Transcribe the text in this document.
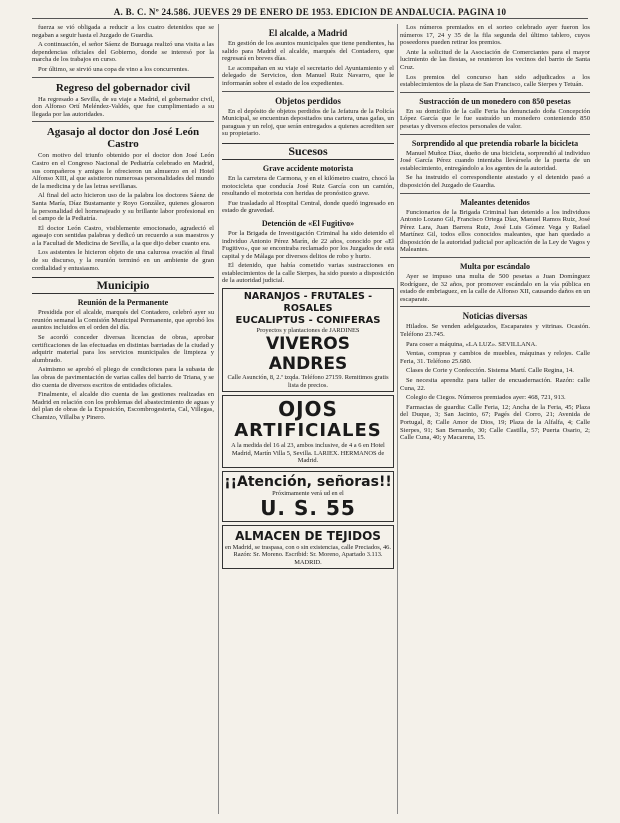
A. B. C. Nº 24.586. JUEVES 29 DE ENERO DE 1953. EDICION DE ANDALUCIA. PAGINA 10

fuerza se vió obligada a reducir a los cuatro detenidos que se negaban a seguir hasta el Juzgado de Guardia.

A continuación, el señor Sáenz de Buruaga realizó una visita a las dependencias oficiales del Gobierno, donde se interesó por la marcha de los trabajos en curso.

Por último, se sirvió una copa de vino a los concurrentes.

Regreso del gobernador civil

Ha regresado a Sevilla, de su viaje a Madrid, el gobernador civil, don Alfonso Ortí Meléndez-Valdés, que fue cumplimentado a su llegada por las autoridades.

Agasajo al doctor don José León Castro

Con motivo del triunfo obtenido por el doctor don José León Castro en el Congreso Nacional de Pediatría celebrado en Madrid, sus compañeros y amigos le ofrecieron un almuerzo en el Hotel Alfonso XIII, al que asistieron numerosas personalidades del mundo de la medicina y de las letras sevillanas.

Al final del acto hicieron uso de la palabra los doctores Sáenz de Santa María, Díaz Bustamante y Royo González, quienes glosaron la personalidad del homenajeado y su brillante labor profesional en el campo de la Pediatría.

El doctor León Castro, visiblemente emocionado, agradeció el agasajo con sentidas palabras y dedicó un recuerdo a sus maestros y a la Facultad de Medicina de Sevilla, a la que dijo deber cuanto era.

Los asistentes le hicieron objeto de una calurosa ovación al final de su discurso, y la reunión terminó en un ambiente de gran cordialidad y entusiasmo.

Municipio
Reunión de la Permanente

Presidida por el alcalde, marqués del Contadero, celebró ayer su reunión semanal la Comisión Municipal Permanente, que aprobó los asuntos incluidos en el orden del día.

Se acordó conceder diversas licencias de obras, aprobar certificaciones de las efectuadas en distintas barriadas de la ciudad y adquirir material para los servicios municipales de limpieza y alumbrado.

Asimismo se aprobó el pliego de condiciones para la subasta de las obras de pavimentación de varias calles del barrio de Triana, y se dio cuenta de diversos escritos de entidades oficiales.

Finalmente, el alcalde dio cuenta de las gestiones realizadas en Madrid en relación con los problemas del abastecimiento de aguas y del plan de obras de la Exposición, Escombrogesteria, Cal, Villegas, Chamizo, Villalba y Pinero.

El alcalde, a Madrid

En gestión de los asuntos municipales que tiene pendientes, ha salido para Madrid el alcalde, marqués del Contadero, que regresará en breves días.

Le acompañan en su viaje el secretario del Ayuntamiento y el delegado de Servicios, don Manuel Ruiz Navarro, que le informarán sobre el estado de los expedientes.

Objetos perdidos

En el depósito de objetos perdidos de la Jefatura de la Policía Municipal, se encuentran depositados una cartera, unas gafas, un paraguas y un reloj, que serán entregados a quienes acrediten ser su propietario.

Sucesos
Grave accidente motorista

En la carretera de Carmona, y en el kilómetro cuatro, chocó la motocicleta que conducía José Ruiz García con un camión, resultando el motorista con heridas de pronóstico grave.

Fue trasladado al Hospital Central, donde quedó ingresado en estado de gravedad.

Detención de «El Fugitivo»

Por la Brigada de Investigación Criminal ha sido detenido el individuo Antonio Pérez Marín, de 22 años, conocido por «El Fugitivo», que se encontraba reclamado por los Juzgados de esta capital y de Málaga por diversos delitos de robo y hurto.

El detenido, que había cometido varias sustracciones en establecimientos de la calle Sierpes, ha sido puesto a disposición de la autoridad judicial.

NARANJOS - FRUTALES - ROSALES
EUCALIPTUS - CONIFERAS
Proyectos y plantaciones de JARDINES
VIVEROS ANDRES
Calle Asunción, 8, 2.ª izqda. Teléfono 27159. Remitimos gratis lista de precios.
OJOS
ARTIFICIALES
A la medida del 16 al 23, ambos inclusive, de 4 a 6 en Hotel Madrid, Martín Villa 5, Sevilla. LARIEX. HERMANOS de Madrid.
¡¡Atención, señoras!!
Próximamente verá ud en el
U. S. 55
ALMACEN DE TEJIDOS
en Madrid, se traspasa, con o sin existencias, calle Preciados, 46. Razón: Sr. Moreno. Escribid: Sr. Moreno, Apartado 3.113. MADRID.

Los números premiados en el sorteo celebrado ayer fueron los números 17, 24 y 35 de la fila segunda del último tablero, cuyos poseedores pueden retirar los premios.

Ante la solicitud de la Asociación de Comerciantes para el mayor lucimiento de las fiestas, se reunieron los vecinos del barrio de Santa Cruz.

Los premios del concurso han sido adjudicados a los establecimientos de la plaza de San Francisco, calle Sierpes y Tetuán.

Sustracción de un monedero con 850 pesetas

En su domicilio de la calle Feria ha denunciado doña Concepción López García que le fue sustraído un monedero conteniendo 850 pesetas y diversos efectos personales de valor.

Sorprendido al que pretendía robarle la bicicleta

Manuel Muñoz Díaz, dueño de una bicicleta, sorprendió al individuo José García Pérez cuando intentaba llevársela de la puerta de un establecimiento, entregándolo a los agentes de la autoridad.

Se ha instruido el correspondiente atestado y el detenido pasó a disposición del Juzgado de Guardia.

Maleantes detenidos

Funcionarios de la Brigada Criminal han detenido a los individuos Antonio Lozano Gil, Francisco Ortega Díaz, Manuel Ramos Ruiz, José Pérez Lara, Juan Barrera Ruiz, José Luis Gómez Vega y Rafael Martínez Gil, todos ellos conocidos maleantes, que han quedado a disposición de la autoridad judicial por aplicación de la Ley de Vagos y Maleantes.

Multa por escándalo

Ayer se impuso una multa de 500 pesetas a Juan Domínguez Rodríguez, de 32 años, por promover escándalo en la vía pública en estado de embriaguez, en la calle de Alfonso XII, causando daños en un escaparate.

Noticias diversas

Hilados. Se venden adelgazados, Escaparates y vitrinas. Ocasión. Teléfono 23.745.

Para coser a máquina, «LA LUZ». SEVILLANA.

Ventas, compras y cambios de muebles, máquinas y relojes. Calle Feria, 31. Teléfono 25.680.

Clases de Corte y Confección. Sistema Martí. Calle Regina, 14.

Se necesita aprendiz para taller de encuadernación. Razón: calle Cuna, 22.

Colegio de Ciegos. Números premiados ayer: 468, 721, 913.

Farmacias de guardia: Calle Feria, 12; Ancha de la Feria, 45; Plaza del Duque, 3; San Jacinto, 67; Pagés del Corro, 21; Avenida de Portugal, 8; Calle Amor de Dios, 19; Plaza de la Alfalfa, 4; Calle Sierpes, 91; San Bernardo, 30; Calle Castilla, 57; Puerta Osario, 2; Calle Cuna, 40; y Macarena, 15.
